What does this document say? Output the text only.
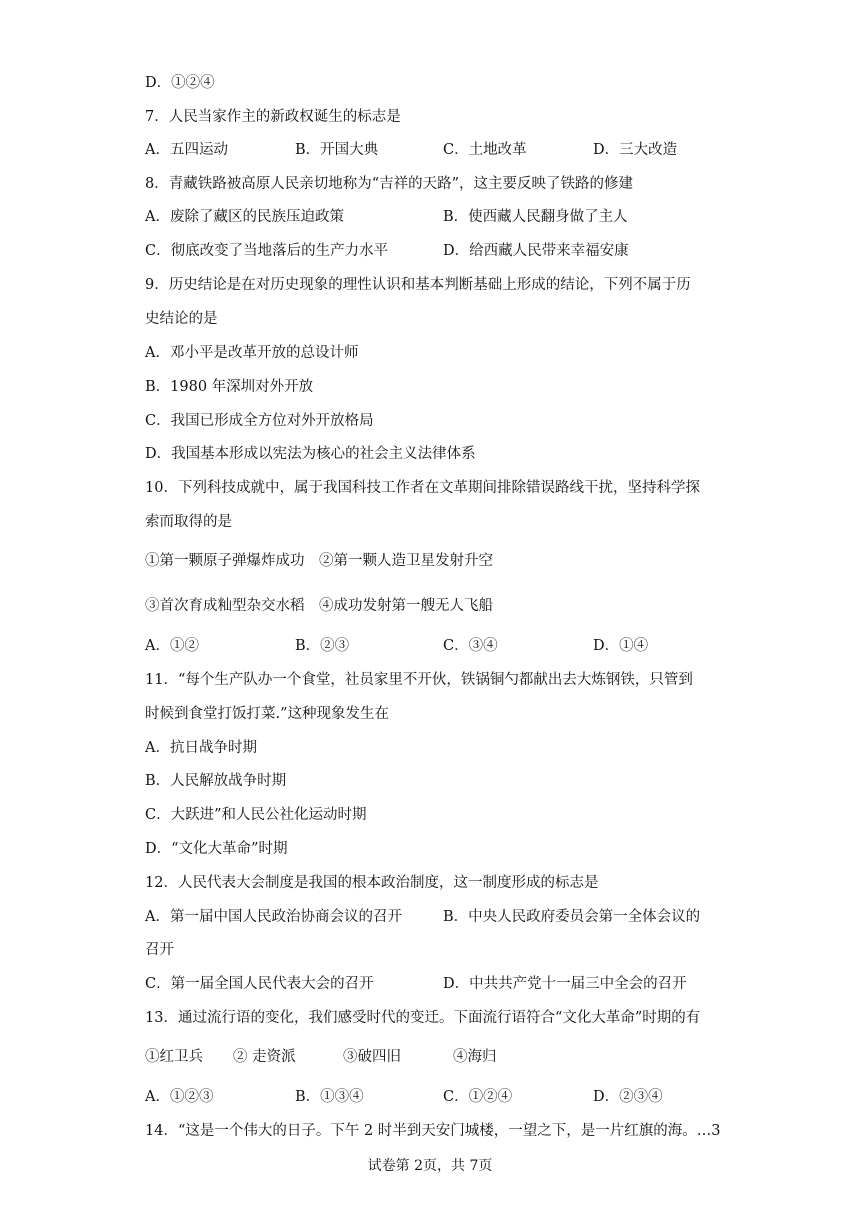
D．①②④
7．人民当家作主的新政权诞生的标志是
A．五四运动	B．开国大典	C．土地改革	D．三大改造
8．青藏铁路被高原人民亲切地称为“吉祥的天路”，这主要反映了铁路的修建
A．废除了藏区的民族压迫政策	B．使西藏人民翻身做了主人
C．彻底改变了当地落后的生产力水平	D．给西藏人民带来幸福安康
9．历史结论是在对历史现象的理性认识和基本判断基础上形成的结论，下列不属于历
史结论的是
A．邓小平是改革开放的总设计师
B．1980 年深圳对外开放
C．我国已形成全方位对外开放格局
D．我国基本形成以宪法为核心的社会主义法律体系
10．下列科技成就中，属于我国科技工作者在文革期间排除错误路线干扰，坚持科学探
索而取得的是
①第一颗原子弹爆炸成功　②第一颗人造卫星发射升空
③首次育成籼型杂交水稻　④成功发射第一艘无人飞船
A．①②	B．②③	C．③④	D．①④
11．“每个生产队办一个食堂，社员家里不开伙，铁锅铜勺都献出去大炼钢铁，只管到
时候到食堂打饭打菜.”这种现象发生在
A．抗日战争时期
B．人民解放战争时期
C．大跃进”和人民公社化运动时期
D．“文化大革命”时期
12．人民代表大会制度是我国的根本政治制度，这一制度形成的标志是
A．第一届中国人民政治协商会议的召开	B．中央人民政府委员会第一全体会议的
召开
C．第一届全国人民代表大会的召开	D．中共共产党十一届三中全会的召开
13．通过流行语的变化，我们感受时代的变迁。下面流行语符合“文化大革命”时期的有
①红卫兵 ② 走资派	③破四旧	④海归
A．①②③	B．①③④	C．①②④	D．②③④
14．“这是一个伟大的日子。下午 2 时半到天安门城楼，一望之下，是一片红旗的海。…3
试卷第 2页，共 7页
